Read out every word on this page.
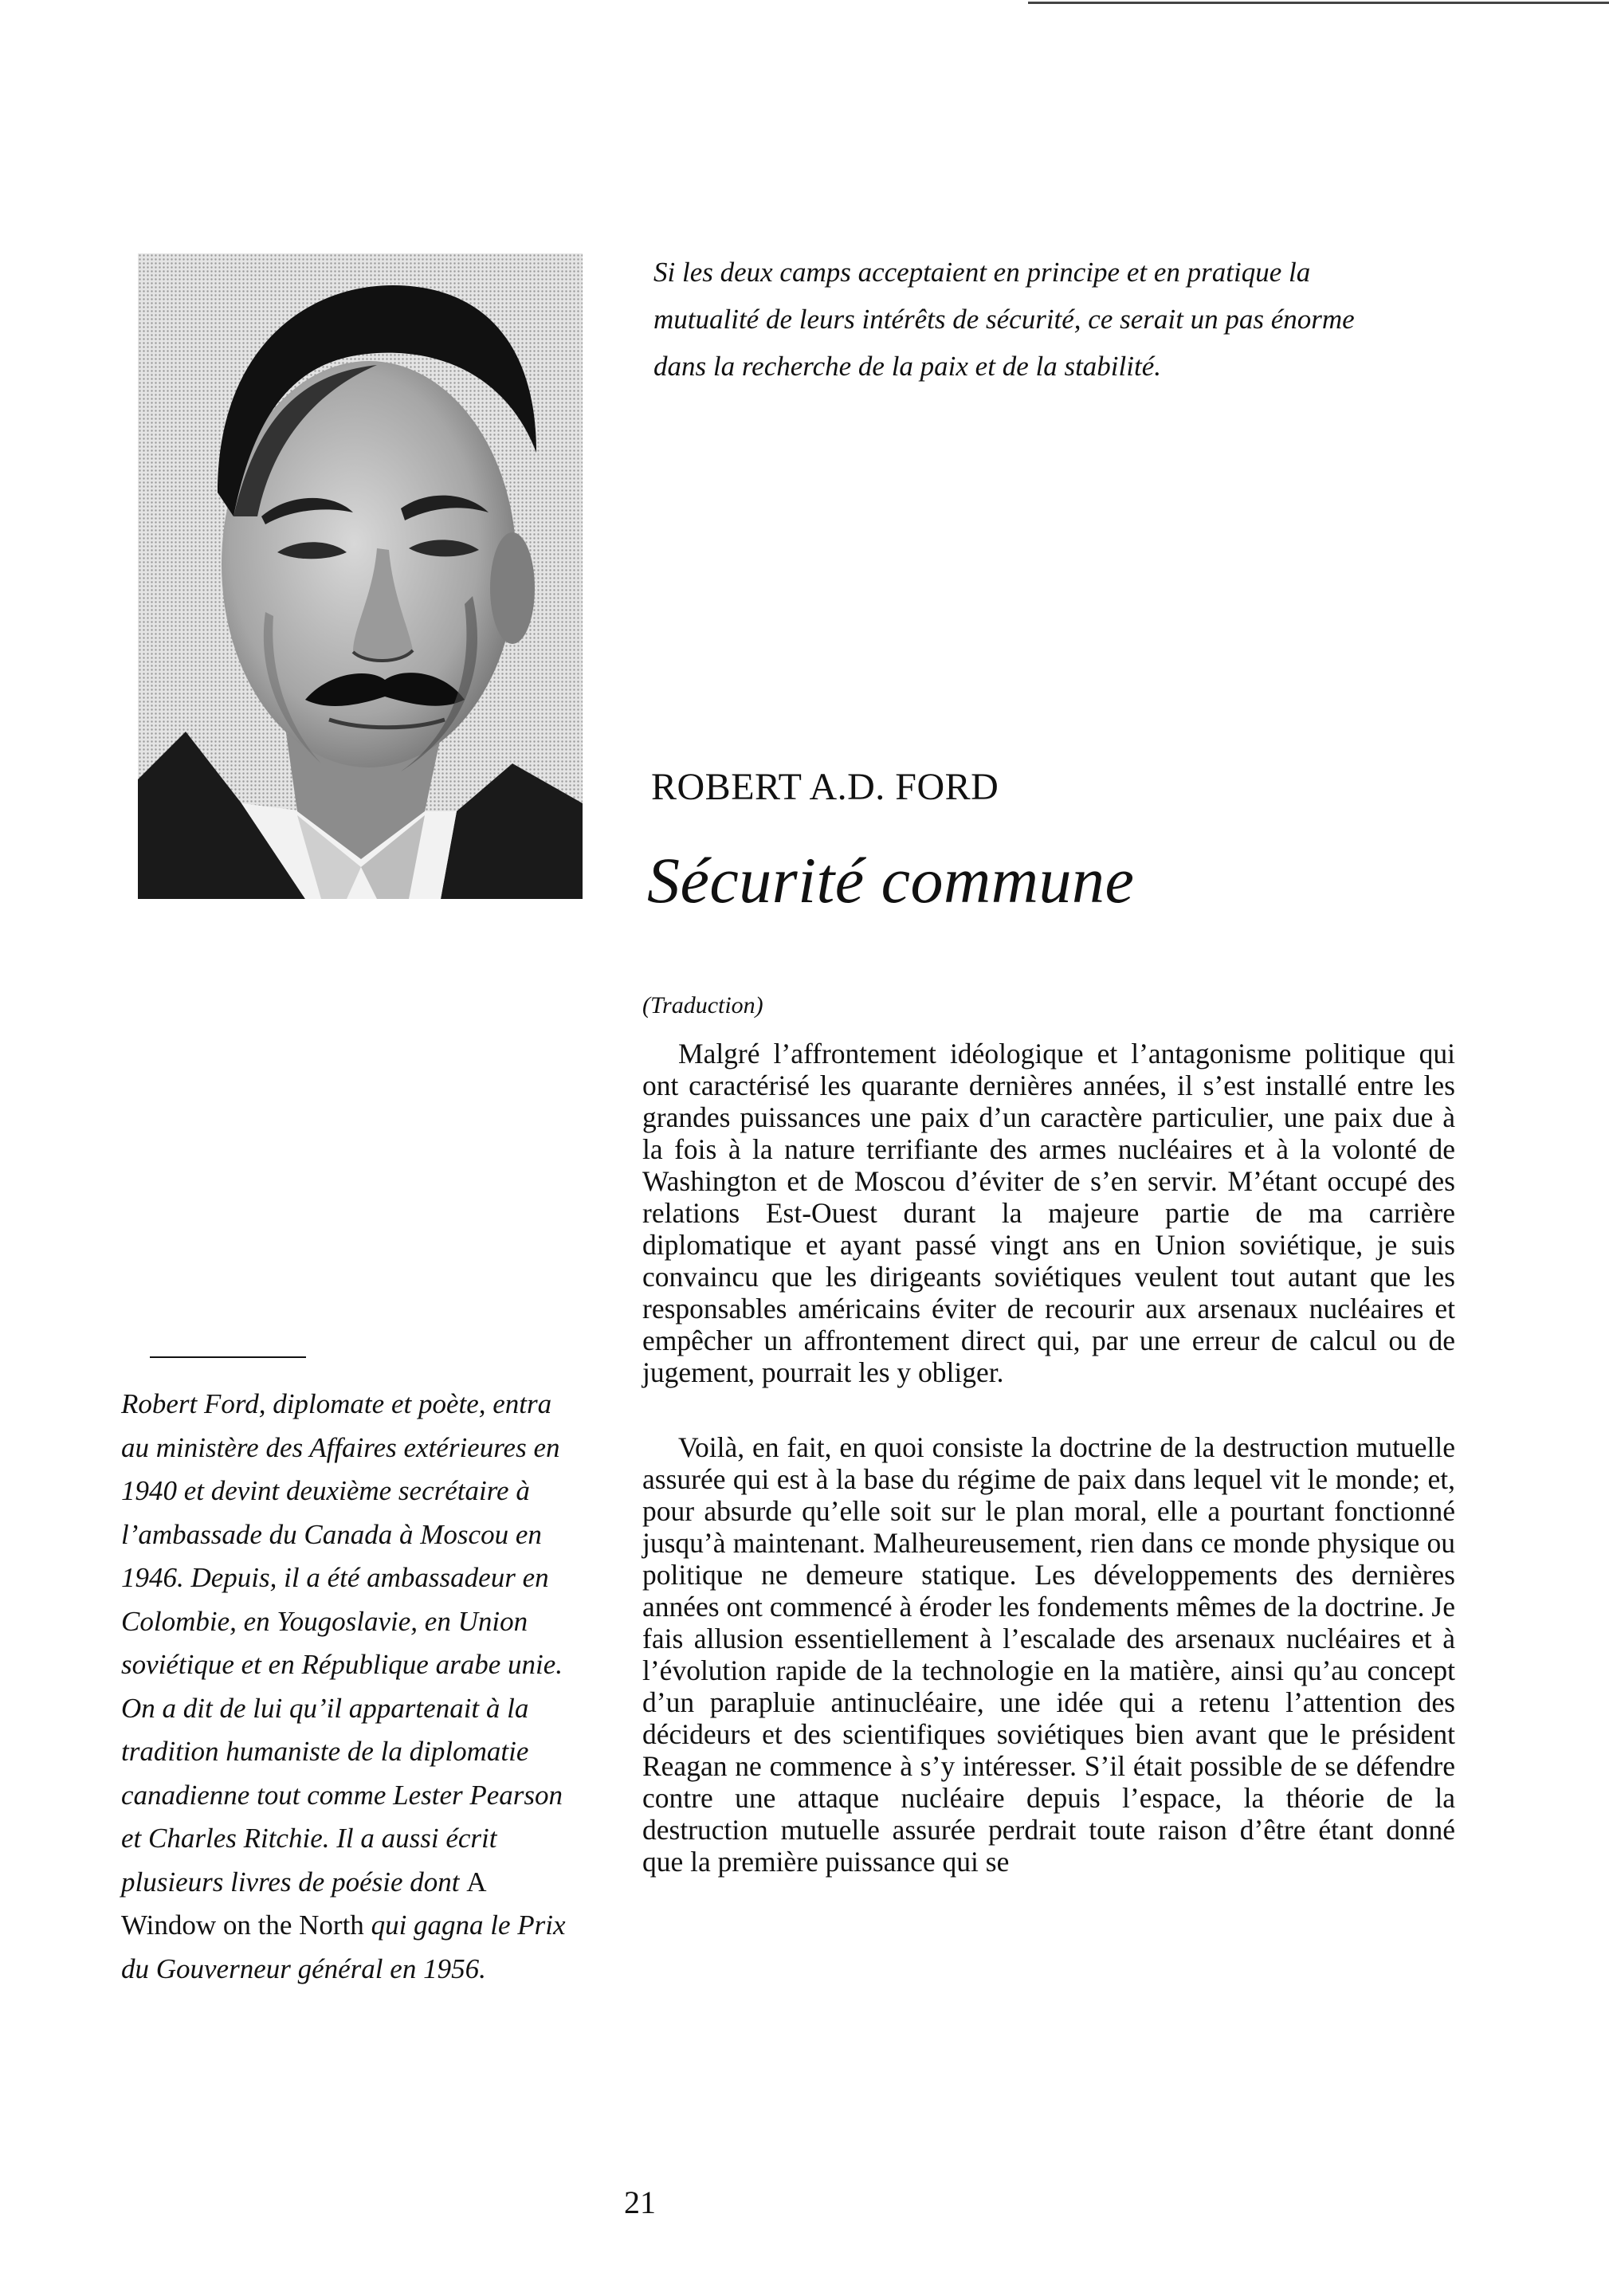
Si les deux camps acceptaient en principe et en pratique la mutualité de leurs intérêts de sécurité, ce serait un pas énorme dans la recherche de la paix et de la stabilité.

ROBERT A.D. FORD
Sécurité commune

(Traduction)

Malgré l’affrontement idéologique et l’antagonisme politique qui ont caractérisé les quarante dernières années, il s’est installé entre les grandes puissances une paix d’un caractère particulier, une paix due à la fois à la nature terrifiante des armes nucléaires et à la volonté de Washington et de Moscou d’éviter de s’en servir. M’étant occupé des relations Est-Ouest durant la majeure partie de ma carrière diplomatique et ayant passé vingt ans en Union soviétique, je suis convaincu que les dirigeants soviétiques veulent tout autant que les responsables américains éviter de recourir aux arsenaux nucléaires et empêcher un affrontement direct qui, par une erreur de calcul ou de jugement, pourrait les y obliger.

Voilà, en fait, en quoi consiste la doctrine de la destruction mutuelle assurée qui est à la base du régime de paix dans lequel vit le monde; et, pour absurde qu’elle soit sur le plan moral, elle a pourtant fonctionné jusqu’à maintenant. Malheureusement, rien dans ce monde physique ou politique ne demeure statique. Les développements des dernières années ont commencé à éroder les fondements mêmes de la doctrine. Je fais allusion essentiellement à l’escalade des arsenaux nucléaires et à l’évolution rapide de la technologie en la matière, ainsi qu’au concept d’un parapluie antinucléaire, une idée qui a retenu l’attention des décideurs et des scientifiques soviétiques bien avant que le président Reagan ne commence à s’y intéresser. S’il était possible de se défendre contre une attaque nucléaire depuis l’espace, la théorie de la destruction mutuelle assurée perdrait toute raison d’être étant donné que la première puissance qui se

Robert Ford, diplomate et poète, entra au ministère des Affaires extérieures en 1940 et devint deuxième secrétaire à l’ambassade du Canada à Moscou en 1946. Depuis, il a été ambassadeur en Colombie, en Yougoslavie, en Union soviétique et en République arabe unie. On a dit de lui qu’il appartenait à la tradition humaniste de la diplomatie canadienne tout comme Lester Pearson et Charles Ritchie. Il a aussi écrit plusieurs livres de poésie dont A Window on the North qui gagna le Prix du Gouverneur général en 1956.

21
